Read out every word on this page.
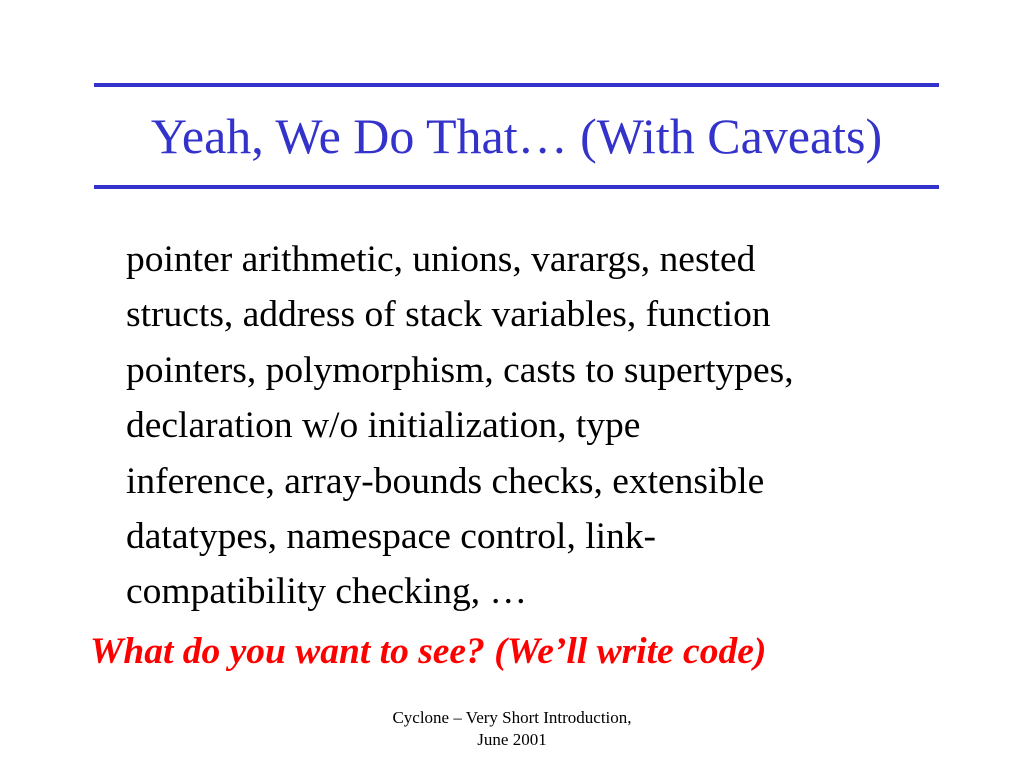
Yeah, We Do That… (With Caveats)
pointer arithmetic, unions, varargs, nested
structs, address of stack variables, function
pointers, polymorphism, casts to supertypes,
declaration w/o initialization, type
inference, array-bounds checks, extensible
datatypes, namespace control, link-
compatibility checking, …
What do you want to see? (We’ll write code)
Cyclone – Very Short Introduction,
June 2001
